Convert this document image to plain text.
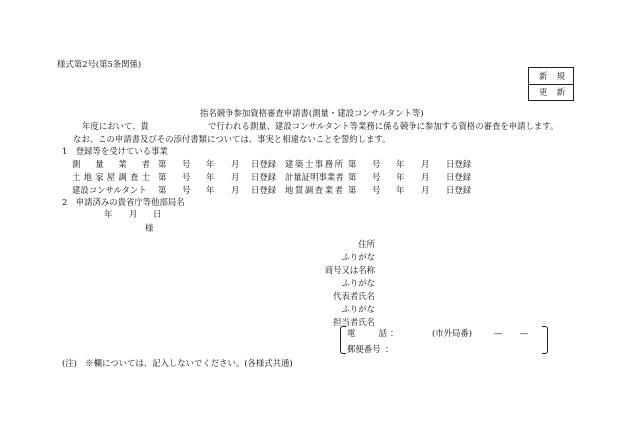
様式第2号(第5条関係)
新 規
更 新
指名競争参加資格審査申請書(測量・建設コンサルタント等)
年度において、貴	で行われる測量、建設コンサルタント等業務に係る競争に参加する資格の審査を申請します。
なお、この申請書及びその添付書類については、事実と相違ないことを誓約します。
1　登録等を受けている事業
測 量 業 者 第 号 年 月 日登録 建 築 士 事 務 所 第 号 年 月 日登録
土 地 家 屋 調 査 士 第 号 年 月 日登録 計 量 証 明 事 業 者 第 号 年 月 日登録
建設コンサルタント 第 号 年 月 日登録 地 質 調 査 業 者 第 号 年 月 日登録
2　申請済みの貴省庁等他部局名
年 月 日
様
住所
ふりがな
商号又は名称
ふりがな
代表者氏名
ふりがな
担当者氏名
電	話 ：	(市外局番)	— —
郵便番号 ：
(注)　※欄については、記入しないでください。(各様式共通)
